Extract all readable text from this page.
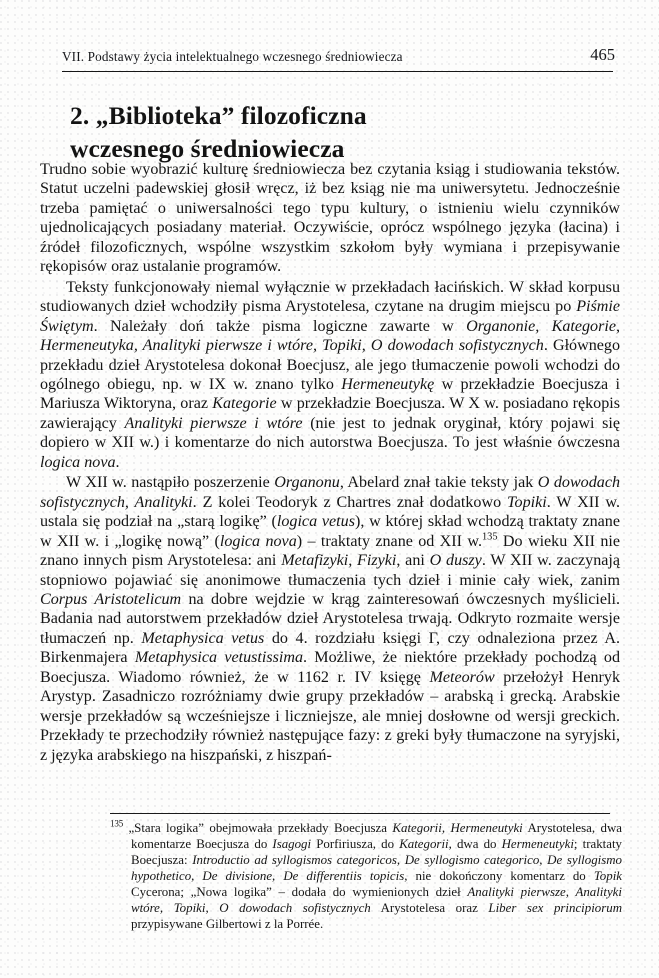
VII. Podstawy życia intelektualnego wczesnego średniowiecza	465
2. „Biblioteka” filozoficzna
wczesnego średniowiecza

Trudno sobie wyobrazić kulturę średniowiecza bez czytania ksiąg i studiowania tekstów. Statut uczelni padewskiej głosił wręcz, iż bez ksiąg nie ma uniwersytetu. Jednocześnie trzeba pamiętać o uniwersalności tego typu kultury, o istnieniu wielu czynników ujednolicających posiadany materiał. Oczywiście, oprócz wspólnego języka (łacina) i źródeł filozoficznych, wspólne wszystkim szkołom były wymiana i przepisywanie rękopisów oraz ustalanie programów.

Teksty funkcjonowały niemal wyłącznie w przekładach łacińskich. W skład korpusu studiowanych dzieł wchodziły pisma Arystotelesa, czytane na drugim miejscu po Piśmie Świętym. Należały doń także pisma logiczne zawarte w Organonie, Kategorie, Hermeneutyka, Analityki pierwsze i wtóre, Topiki, O dowodach sofistycznych. Głównego przekładu dzieł Arystotelesa dokonał Boecjusz, ale jego tłumaczenie powoli wchodzi do ogólnego obiegu, np. w IX w. znano tylko Hermeneutykę w przekładzie Boecjusza i Mariusza Wiktoryna, oraz Kategorie w przekładzie Boecjusza. W X w. posiadano rękopis zawierający Analityki pierwsze i wtóre (nie jest to jednak oryginał, który pojawi się dopiero w XII w.) i komentarze do nich autorstwa Boecjusza. To jest właśnie ówczesna logica nova.

W XII w. nastąpiło poszerzenie Organonu, Abelard znał takie teksty jak O dowodach sofistycznych, Analityki. Z kolei Teodoryk z Chartres znał dodatkowo Topiki. W XII w. ustala się podział na „starą logikę” (logica vetus), w której skład wchodzą traktaty znane w XII w. i „logikę nową” (logica nova) – traktaty znane od XII w.$^{135}$ Do wieku XII nie znano innych pism Arystotelesa: ani Metafizyki, Fizyki, ani O duszy. W XII w. zaczynają stopniowo pojawiać się anonimowe tłumaczenia tych dzieł i minie cały wiek, zanim Corpus Aristotelicum na dobre wejdzie w krąg zainteresowań ówczesnych myślicieli. Badania nad autorstwem przekładów dzieł Arystotelesa trwają. Odkryto rozmaite wersje tłumaczeń np. Metaphysica vetus do 4. rozdziału księgi Γ, czy odnaleziona przez A. Birkenmajera Metaphysica vetustissima. Możliwe, że niektóre przekłady pochodzą od Boecjusza. Wiadomo również, że w 1162 r. IV księgę Meteorów przełożył Henryk Arystyp. Zasadniczo rozróżniamy dwie grupy przekładów – arabską i grecką. Arabskie wersje przekładów są wcześniejsze i liczniejsze, ale mniej dosłowne od wersji greckich. Przekłady te przechodziły również następujące fazy: z greki były tłumaczone na syryjski, z języka arabskiego na hiszpański, z hiszpań-

$^{135}$ „Stara logika” obejmowała przekłady Boecjusza Kategorii, Hermeneutyki Arystotelesa, dwa komentarze Boecjusza do Isagogi Porfiriusza, do Kategorii, dwa do Hermeneutyki; traktaty Boecjusza: Introductio ad syllogismos categoricos, De syllogismo categorico, De syllogismo hypothetico, De divisione, De differentiis topicis, nie dokończony komentarz do Topik Cycerona; „Nowa logika” – dodała do wymienionych dzieł Analityki pierwsze, Analityki wtóre, Topiki, O dowodach sofistycznych Arystotelesa oraz Liber sex principiorum przypisywane Gilbertowi z la Porrée.
